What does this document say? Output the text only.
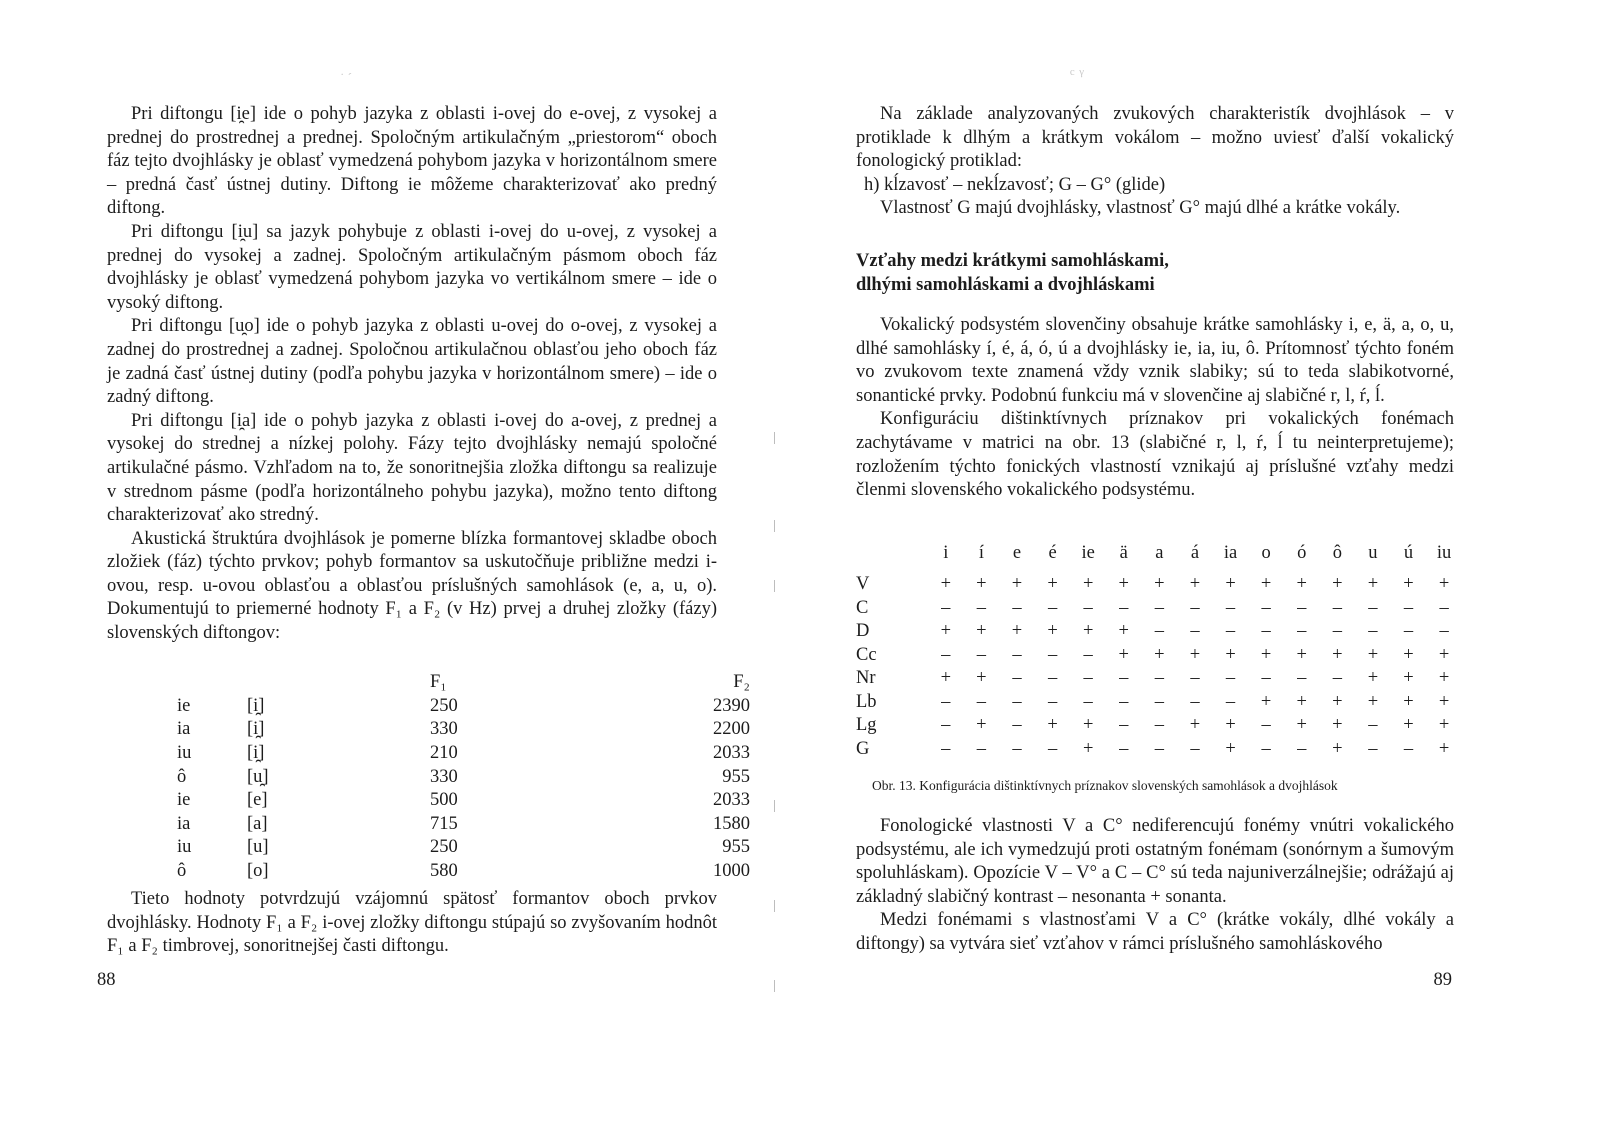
Pri diftongu [i̯e] ide o pohyb jazyka z oblasti i-ovej do e-ovej, z vysokej a prednej do prostrednej a prednej. Spoločným artikulačným „priestorom“ oboch fáz tejto dvojhlásky je oblasť vymedzená pohybom jazyka v horizontálnom smere – predná časť ústnej dutiny. Diftong ie môžeme charakterizovať ako predný diftong.

Pri diftongu [i̯u] sa jazyk pohybuje z oblasti i-ovej do u-ovej, z vysokej a prednej do vysokej a zadnej. Spoločným artikulačným pásmom oboch fáz dvojhlásky je oblasť vymedzená pohybom jazyka vo vertikálnom smere – ide o vysoký diftong.

Pri diftongu [u̯o] ide o pohyb jazyka z oblasti u-ovej do o-ovej, z vysokej a zadnej do prostrednej a zadnej. Spoločnou artikulačnou oblasťou jeho oboch fáz je zadná časť ústnej dutiny (podľa pohybu jazyka v horizontálnom smere) – ide o zadný diftong.

Pri diftongu [i̯a] ide o pohyb jazyka z oblasti i-ovej do a-ovej, z prednej a vysokej do strednej a nízkej polohy. Fázy tejto dvojhlásky nemajú spoločné artikulačné pásmo. Vzhľadom na to, že sonoritnejšia zložka diftongu sa realizuje v strednom pásme (podľa horizontálneho pohybu jazyka), možno tento diftong charakterizovať ako stredný.

Akustická štruktúra dvojhlások je pomerne blízka formantovej skladbe oboch zložiek (fáz) týchto prvkov; pohyb formantov sa uskutočňuje približne medzi i-ovou, resp. u-ovou oblasťou a oblasťou príslušných samohlások (e, a, u, o). Dokumentujú to priemerné hodnoty F₁ a F₂ (v Hz) prvej a druhej zložky (fázy) slovenských diftongov:

		F₁	F₂
ie	[i̯]	250	2390
ia	[i̯]	330	2200
iu	[i̯]	210	2033
ô	[u̯]	330	955
ie	[e]	500	2033
ia	[a]	715	1580
iu	[u]	250	955
ô	[o]	580	1000

Tieto hodnoty potvrdzujú vzájomnú spätosť formantov oboch prvkov dvojhlásky. Hodnoty F₁ a F₂ i-ovej zložky diftongu stúpajú so zvyšovaním hodnôt F₁ a F₂ timbrovej, sonoritnejšej časti diftongu.

88
˙ ˊ

Na základe analyzovaných zvukových charakteristík dvojhlások – v protiklade k dlhým a krátkym vokálom – možno uviesť ďalší vokalický fonologický protiklad:

h) kĺzavosť – nekĺzavosť; G – G° (glide)

Vlastnosť G majú dvojhlásky, vlastnosť G° majú dlhé a krátke vokály.

Vzťahy medzi krátkymi samohláskami,
dlhými samohláskami a dvojhláskami

Vokalický podsystém slovenčiny obsahuje krátke samohlásky i, e, ä, a, o, u, dlhé samohlásky í, é, á, ó, ú a dvojhlásky ie, ia, iu, ô. Prítomnosť týchto foném vo zvukovom texte znamená vždy vznik slabiky; sú to teda slabikotvorné, sonantické prvky. Podobnú funkciu má v slovenčine aj slabičné r, l, ŕ, ĺ.

Konfiguráciu dištinktívnych príznakov pri vokalických fonémach zachytávame v matrici na obr. 13 (slabičné r, l, ŕ, ĺ tu neinterpretujeme); rozložením týchto fonických vlastností vznikajú aj príslušné vzťahy medzi členmi slovenského vokalického podsystému.

	i	í	e	é	ie	ä	a	á	ia	o	ó	ô	u	ú	iu
V	+	+	+	+	+	+	+	+	+	+	+	+	+	+	+
C	–	–	–	–	–	–	–	–	–	–	–	–	–	–	–
D	+	+	+	+	+	+	–	–	–	–	–	–	–	–	–
Cc	–	–	–	–	–	+	+	+	+	+	+	+	+	+	+
Nr	+	+	–	–	–	–	–	–	–	–	–	–	+	+	+
Lb	–	–	–	–	–	–	–	–	–	+	+	+	+	+	+
Lg	–	+	–	+	+	–	–	+	+	–	+	+	–	+	+
G	–	–	–	–	+	–	–	–	+	–	–	+	–	–	+
Obr. 13. Konfigurácia dištinktívnych príznakov slovenských samohlások a dvojhlások

Fonologické vlastnosti V a C° nediferencujú fonémy vnútri vokalického podsystému, ale ich vymedzujú proti ostatným fonémam (sonórnym a šumovým spoluhláskam). Opozície V – V° a C – C° sú teda najuniverzálnejšie; odrážajú aj základný slabičný kontrast – nesonanta + sonanta.

Medzi fonémami s vlastnosťami V a C° (krátke vokály, dlhé vokály a diftongy) sa vytvára sieť vzťahov v rámci príslušného samohláskového

89
ᶜ ᵞ
